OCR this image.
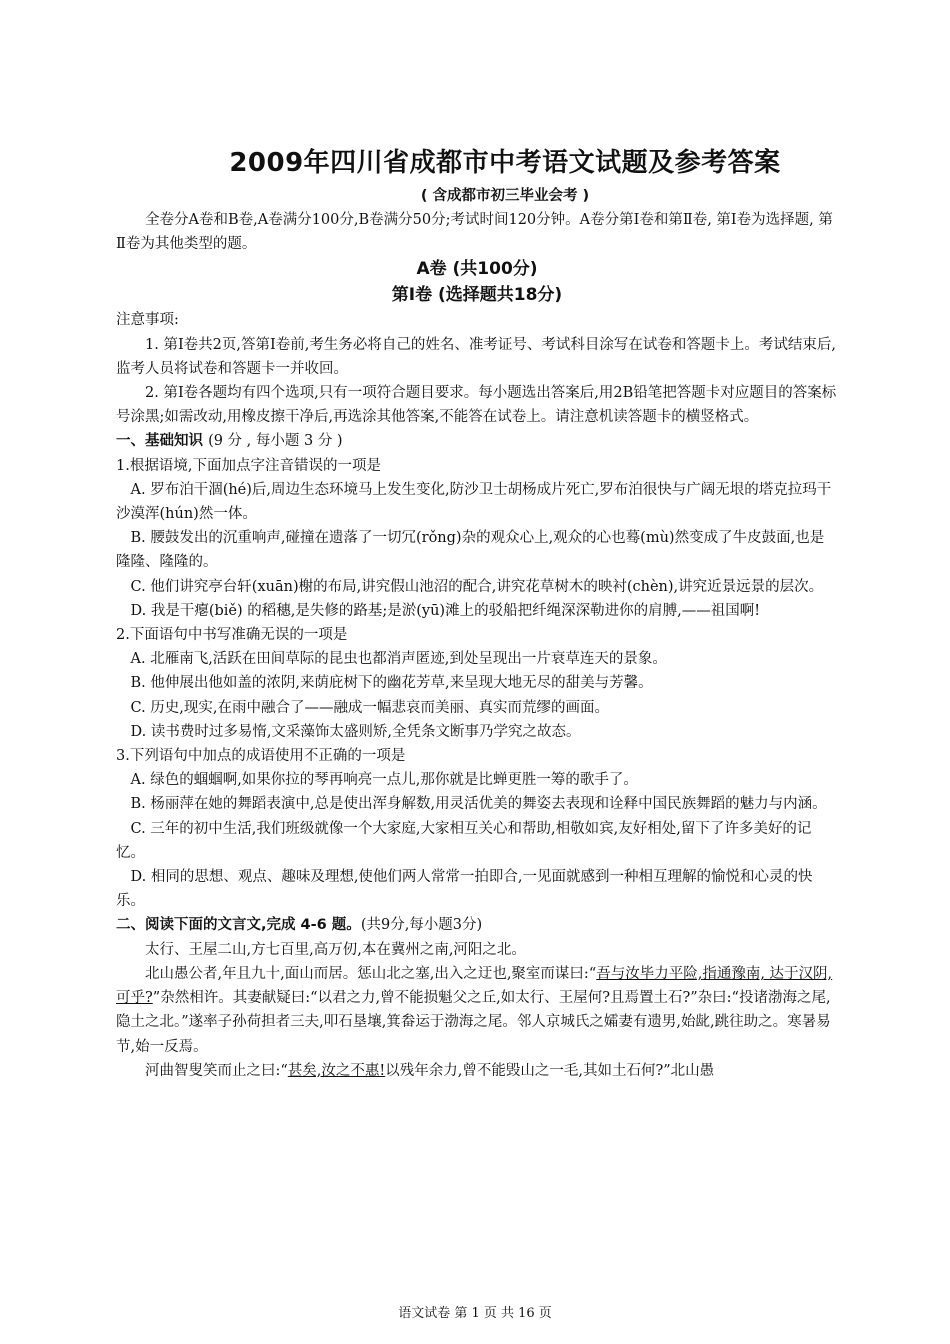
2009年四川省成都市中考语文试题及参考答案
( 含成都市初三毕业会考 )

全卷分A卷和B卷,A卷满分100分,B卷满分50分;考试时间120分钟。A卷分第Ⅰ卷和第Ⅱ卷, 第Ⅰ卷为选择题, 第Ⅱ卷为其他类型的题。

A卷 (共100分)
第Ⅰ卷 (选择题共18分)

注意事项:

1. 第Ⅰ卷共2页,答第Ⅰ卷前,考生务必将自己的姓名、准考证号、考试科目涂写在试卷和答题卡上。考试结束后,监考人员将试卷和答题卡一并收回。

2. 第Ⅰ卷各题均有四个选项,只有一项符合题目要求。每小题选出答案后,用2B铅笔把答题卡对应题目的答案标号涂黑;如需改动,用橡皮擦干净后,再选涂其他答案,不能答在试卷上。请注意机读答题卡的横竖格式。

一、基础知识 (9 分 , 每小题 3 分 )

1.根据语境,下面加点字注音错误的一项是

A. 罗布泊干涸(hé)后,周边生态环境马上发生变化,防沙卫士胡杨成片死亡,罗布泊很快与广阔无垠的塔克拉玛干沙漠浑(hún)然一体。

B. 腰鼓发出的沉重响声,碰撞在遗落了一切冗(rǒng)杂的观众心上,观众的心也蓦(mù)然变成了牛皮鼓面,也是隆隆、隆隆的。

C. 他们讲究亭台轩(xuān)榭的布局,讲究假山池沼的配合,讲究花草树木的映衬(chèn),讲究近景远景的层次。

D. 我是干瘪(biě) 的稻穗,是失修的路基;是淤(yū)滩上的驳船把纤绳深深勒进你的肩膊,——祖国啊!

2.下面语句中书写准确无误的一项是

A. 北雁南飞,活跃在田间草际的昆虫也都消声匿迹,到处呈现出一片衰草连天的景象。

B. 他伸展出他如盖的浓阴,来荫庇树下的幽花芳草,来呈现大地无尽的甜美与芳馨。

C. 历史,现实,在雨中融合了——融成一幅悲哀而美丽、真实而荒缪的画面。

D. 读书费时过多易惰,文采藻饰太盛则矫,全凭条文断事乃学究之故态。

3.下列语句中加点的成语使用不正确的一项是

A. 绿色的蝈蝈啊,如果你拉的琴再响亮一点儿,那你就是比蝉更胜一筹的歌手了。

B. 杨丽萍在她的舞蹈表演中,总是使出浑身解数,用灵活优美的舞姿去表现和诠释中国民族舞蹈的魅力与内涵。

C. 三年的初中生活,我们班级就像一个大家庭,大家相互关心和帮助,相敬如宾,友好相处,留下了许多美好的记忆。

D. 相同的思想、观点、趣味及理想,使他们两人常常一拍即合,一见面就感到一种相互理解的愉悦和心灵的快乐。

二、阅读下面的文言文,完成 4-6 题。(共9分,每小题3分)

太行、王屋二山,方七百里,高万仞,本在冀州之南,河阳之北。

北山愚公者,年且九十,面山而居。惩山北之塞,出入之迂也,聚室而谋曰:“吾与汝毕力平险,指通豫南, 达于汉阴,可乎?”杂然相许。其妻献疑曰:“以君之力,曾不能损魁父之丘,如太行、王屋何?且焉置土石?”杂曰:“投诸渤海之尾,隐土之北。”遂率子孙荷担者三夫,叩石垦壤,箕畚运于渤海之尾。邻人京城氏之孀妻有遗男,始龀,跳往助之。寒暑易节,始一反焉。

河曲智叟笑而止之曰:“甚矣,汝之不惠!以残年余力,曾不能毁山之一毛,其如土石何?”北山愚

语文试卷 第 1 页 共 16 页
